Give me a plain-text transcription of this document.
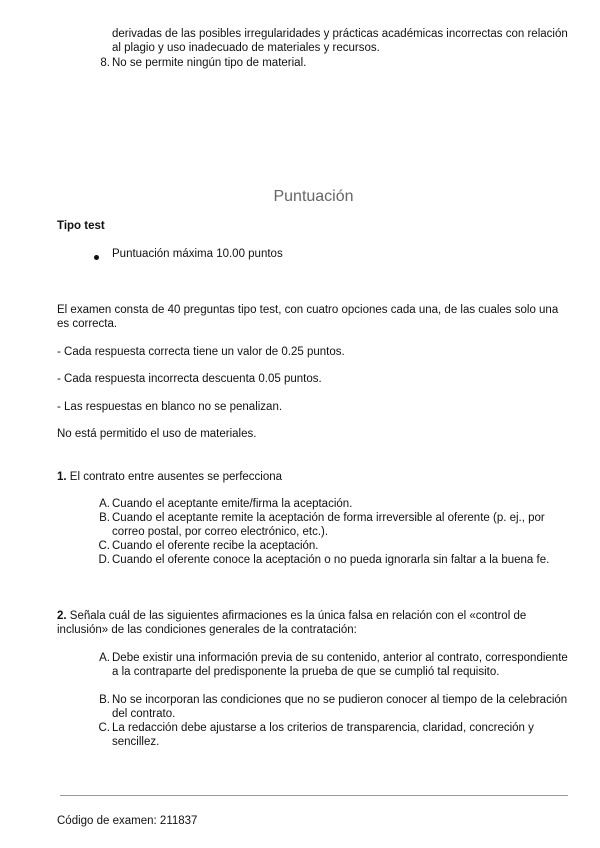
derivadas de las posibles irregularidades y prácticas académicas incorrectas con relación al plagio y uso inadecuado de materiales y recursos.
8. No se permite ningún tipo de material.
Puntuación
Tipo test
Puntuación máxima 10.00 puntos
El examen consta de 40 preguntas tipo test, con cuatro opciones cada una, de las cuales solo una es correcta.
- Cada respuesta correcta tiene un valor de 0.25 puntos.
- Cada respuesta incorrecta descuenta 0.05 puntos.
- Las respuestas en blanco no se penalizan.
No está permitido el uso de materiales.
1. El contrato entre ausentes se perfecciona
A. Cuando el aceptante emite/firma la aceptación.
B. Cuando el aceptante remite la aceptación de forma irreversible al oferente (p. ej., por correo postal, por correo electrónico, etc.).
C. Cuando el oferente recibe la aceptación.
D. Cuando el oferente conoce la aceptación o no pueda ignorarla sin faltar a la buena fe.
2. Señala cuál de las siguientes afirmaciones es la única falsa en relación con el «control de inclusión» de las condiciones generales de la contratación:
A. Debe existir una información previa de su contenido, anterior al contrato, correspondiente a la contraparte del predisponente la prueba de que se cumplió tal requisito.
B. No se incorporan las condiciones que no se pudieron conocer al tiempo de la celebración del contrato.
C. La redacción debe ajustarse a los criterios de transparencia, claridad, concreción y sencillez.
Código de examen: 211837
